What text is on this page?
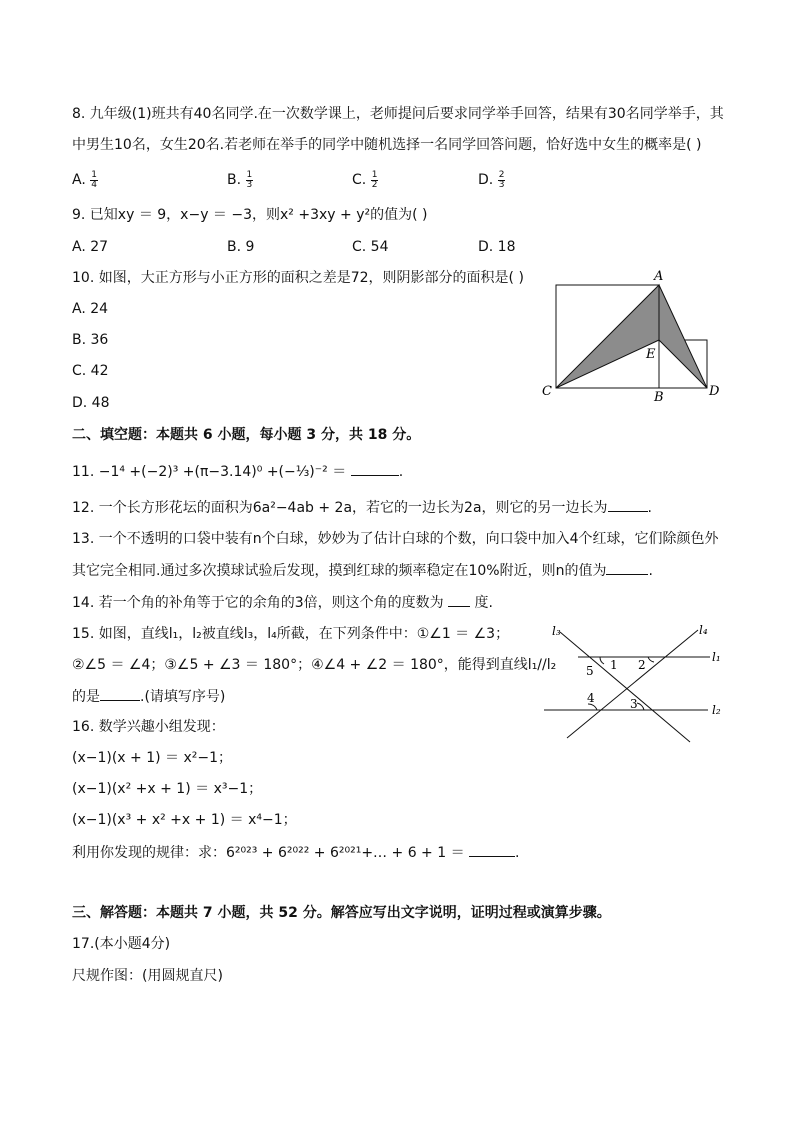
8. 九年级(1)班共有40名同学.在一次数学课上，老师提问后要求同学举手回答，结果有30名同学举手，其
中男生10名，女生20名.若老师在举手的同学中随机选择一名同学回答问题，恰好选中女生的概率是( )
A. $\frac{1}{4}$	B. $\frac{1}{3}$	C. $\frac{1}{2}$	D. $\frac{2}{3}$
9. 已知xy ＝ 9，x−y ＝ −3，则x² +3xy + y²的值为( )
A. 27	B. 9	C. 54	D. 18
10. 如图，大正方形与小正方形的面积之差是72，则阴影部分的面积是( )
A. 24
B. 36
C. 42
D. 48
A
B
C	D
E
二、填空题：本题共 6 小题，每小题 3 分，共 18 分。
11. −1⁴ +(−2)³ +(π−3.14)⁰ +(−⅓)⁻² ＝	.
12. 一个长方形花坛的面积为6a²−4ab + 2a，若它的一边长为2a，则它的另一边长为	.
13. 一个不透明的口袋中装有n个白球，妙妙为了估计白球的个数，向口袋中加入4个红球，它们除颜色外
其它完全相同.通过多次摸球试验后发现，摸到红球的频率稳定在10%附近，则n的值为	.
14. 若一个角的补角等于它的余角的3倍，则这个角的度数为 度.
15. 如图，直线l₁，l₂被直线l₃，l₄所截，在下列条件中：①∠1 ＝ ∠3；
②∠5 ＝ ∠4；③∠5 + ∠3 ＝ 180°；④∠4 + ∠2 ＝ 180°，能得到直线l₁//l₂
的是	.(请填写序号)
l₃	l₄
l₁
l₂
1 2
3
4
5
16. 数学兴趣小组发现：
(x−1)(x + 1) ＝ x²−1；
(x−1)(x² +x + 1) ＝ x³−1；
(x−1)(x³ + x² +x + 1) ＝ x⁴−1；
利用你发现的规律：求：6²⁰²³ + 6²⁰²² + 6²⁰²¹+… + 6 + 1 ＝	.
三、解答题：本题共 7 小题，共 52 分。解答应写出文字说明，证明过程或演算步骤。
17.(本小题4分)
尺规作图：(用圆规直尺)
